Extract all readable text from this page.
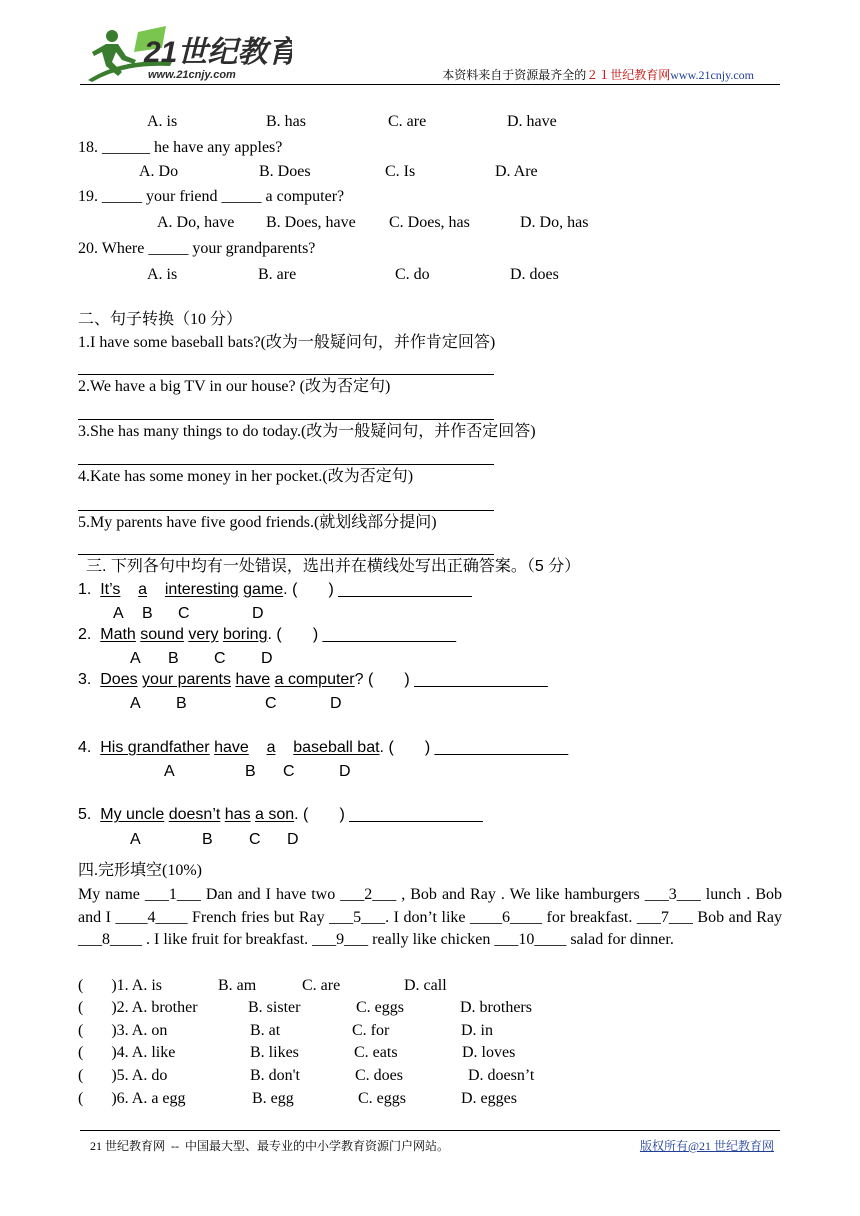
21世纪教育
www.21cnjy.com	本资料来自于资源最齐全的２１世纪教育网www.21cnjy.com
A. is	B. has	C. are	D. have
18. ______ he have any apples?
A. Do	B. Does	C. Is	D. Are
19. _____ your friend _____ a computer?
A. Do, have B. Does, have C. Does, has	D. Do, has
20. Where _____ your grandparents?
A. is	B. are	C. do	D. does
二、句子转换（10 分）
1.I have some baseball bats?(改为一般疑问句，并作肯定回答)
2.We have a big TV in our house? (改为否定句)
3.She has many things to do today.(改为一般疑问句，并作否定回答)
4.Kate has some money in her pocket.(改为否定句)
5.My parents have five good friends.(就划线部分提问)
三. 下列各句中均有一处错误，选出并在横线处写出正确答案。（5 分）
1. It’s a interesting game. (       ) _______________
A B C	D
2. Math sound very boring. (       ) _______________
A B C D
3. Does your parents have a computer? (       ) _______________
A B	C	D
4. His grandfather have a baseball bat. (       ) _______________
A	B C	D
5. My uncle doesn’t has a son. (       ) _______________
A	B C D
四.完形填空(10%)
My name ___1___ Dan and I have two ___2___ , Bob and Ray . We like hamburgers ___3___ lunch . Bob and I ____4____ French fries but Ray ___5___. I don’t like ____6____ for breakfast. ___7___ Bob and Ray ___8____ . I like fruit for breakfast. ___9___ really like chicken ___10____ salad for dinner.
(       )1. A. is	B. am	C. are	D. call
(       )2. A. brother	B. sister	C. eggs	D. brothers
(       )3. A. on	B. at	C. for	D. in
(       )4. A. like	B. likes	C. eats	D. loves
(       )5. A. do	B. don't	C. does	D. doesn’t
(       )6. A. a egg	B. egg	C. eggs	D. egges
21 世纪教育网  --  中国最大型、最专业的中小学教育资源门户网站。	版权所有@21 世纪教育网
